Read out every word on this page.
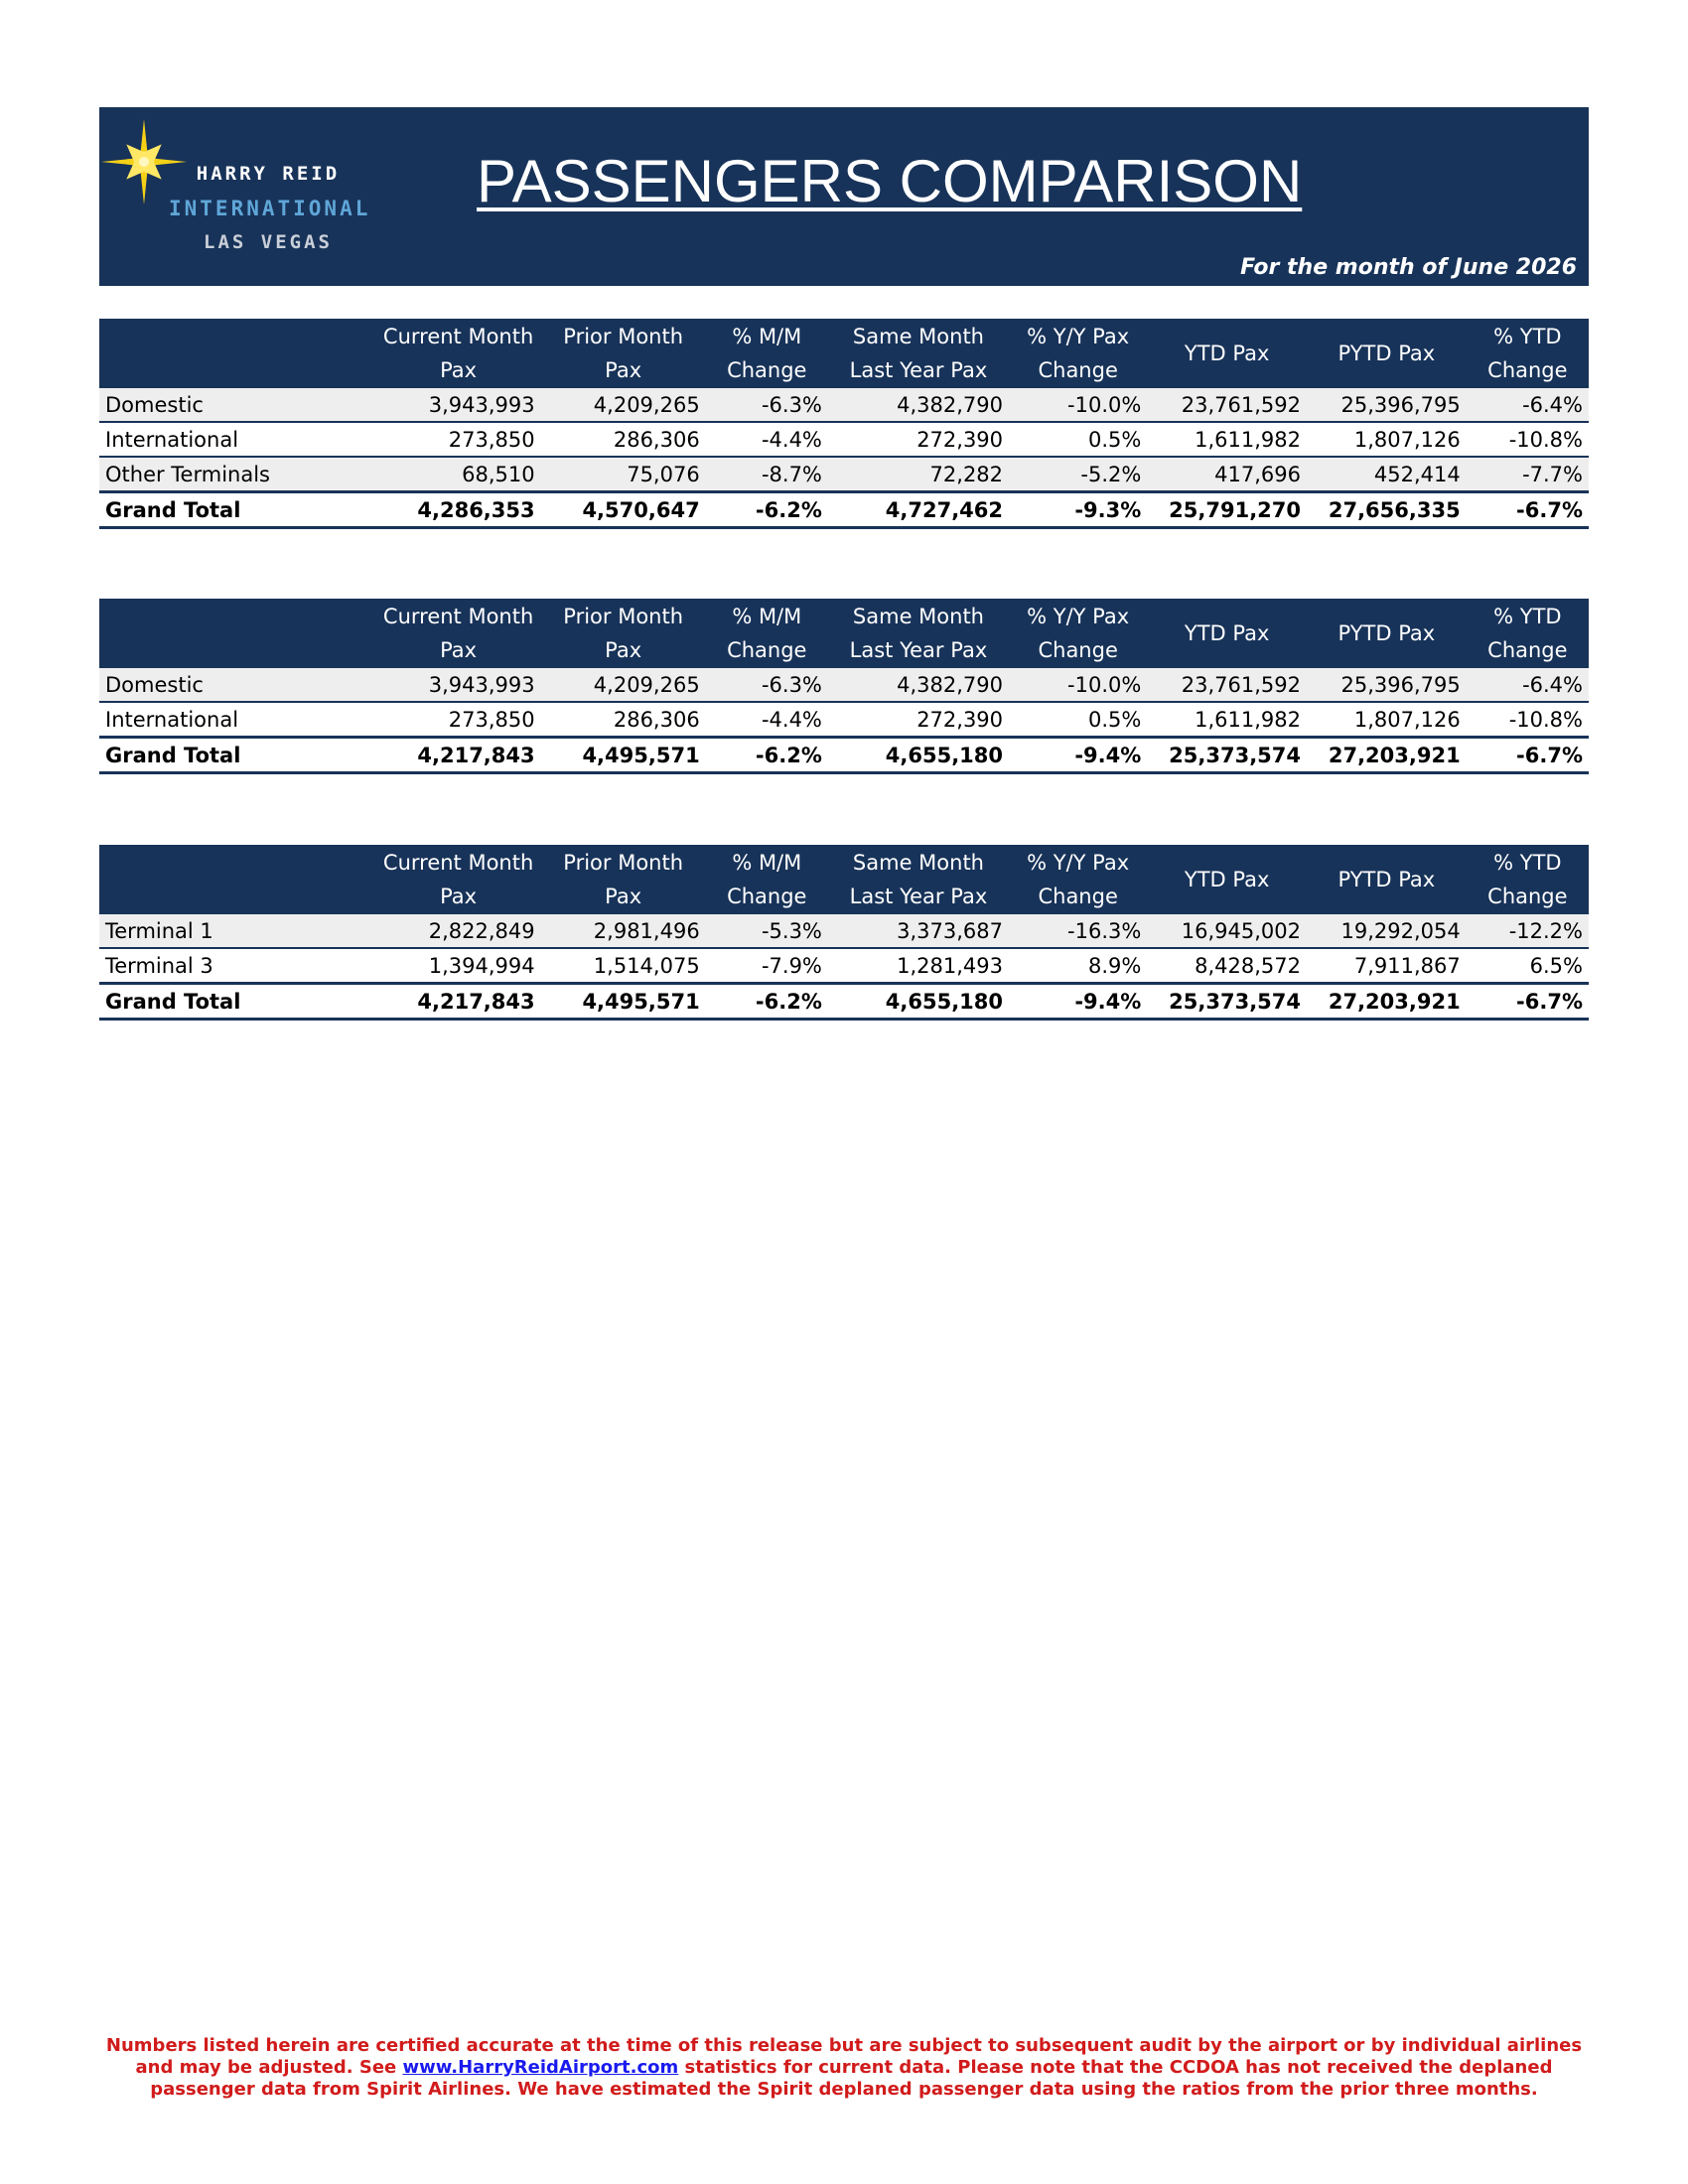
HARRY REID
INTERNATIONAL
LAS VEGAS
PASSENGERS COMPARISON
For the month of June 2026
	Current Month Pax	Prior Month Pax	% M/M Change	Same Month Last Year Pax	% Y/Y Pax Change	YTD Pax	PYTD Pax	% YTD Change
Domestic	3,943,993	4,209,265	-6.3%	4,382,790	-10.0%	23,761,592	25,396,795	-6.4%
International	273,850	286,306	-4.4%	272,390	0.5%	1,611,982	1,807,126	-10.8%
Other Terminals	68,510	75,076	-8.7%	72,282	-5.2%	417,696	452,414	-7.7%
Grand Total	4,286,353	4,570,647	-6.2%	4,727,462	-9.3%	25,791,270	27,656,335	-6.7%
	Current Month Pax	Prior Month Pax	% M/M Change	Same Month Last Year Pax	% Y/Y Pax Change	YTD Pax	PYTD Pax	% YTD Change
Domestic	3,943,993	4,209,265	-6.3%	4,382,790	-10.0%	23,761,592	25,396,795	-6.4%
International	273,850	286,306	-4.4%	272,390	0.5%	1,611,982	1,807,126	-10.8%
Grand Total	4,217,843	4,495,571	-6.2%	4,655,180	-9.4%	25,373,574	27,203,921	-6.7%
	Current Month Pax	Prior Month Pax	% M/M Change	Same Month Last Year Pax	% Y/Y Pax Change	YTD Pax	PYTD Pax	% YTD Change
Terminal 1	2,822,849	2,981,496	-5.3%	3,373,687	-16.3%	16,945,002	19,292,054	-12.2%
Terminal 3	1,394,994	1,514,075	-7.9%	1,281,493	8.9%	8,428,572	7,911,867	6.5%
Grand Total	4,217,843	4,495,571	-6.2%	4,655,180	-9.4%	25,373,574	27,203,921	-6.7%
Numbers listed herein are certified accurate at the time of this release but are subject to subsequent audit by the airport or by individual airlines and may be adjusted. See www.HarryReidAirport.com statistics for current data. Please note that the CCDOA has not received the deplaned passenger data from Spirit Airlines. We have estimated the Spirit deplaned passenger data using the ratios from the prior three months.
